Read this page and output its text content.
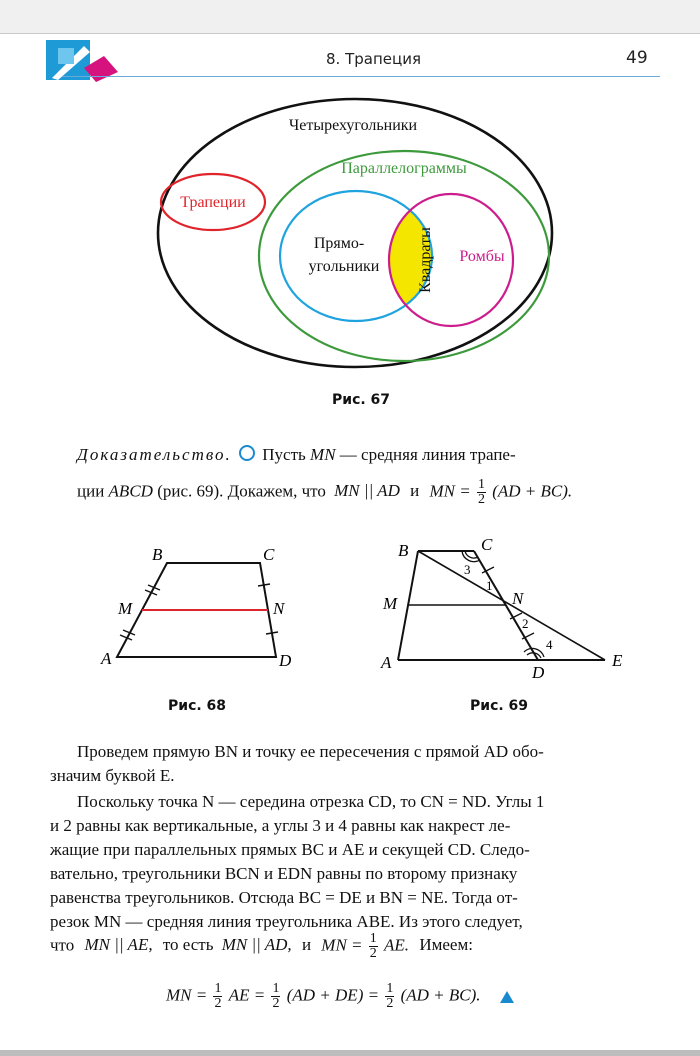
8. Трапеция	49
Четырехугольники
Трапеции
Параллелограммы
Прямо-
угольники Квадраты Ромбы
Рис. 67
Доказательство. Пусть MN — средняя линия трапе-
ции ABCD (рис. 69). Докажем, что MN || AD и MN = $\frac{1}{2} (AD + BC)$.
B	C
M	N
A	D
Рис. 68
B	C
M	N
A
D
E
3
1
2
4
Рис. 69
Проведем прямую BN и точку ее пересечения с прямой AD обо-
значим буквой E.
Поскольку точка N — середина отрезка CD, то CN = ND. Углы 1
и 2 равны как вертикальные, а углы 3 и 4 равны как накрест ле-
жащие при параллельных прямых BC и AE и секущей CD. Следо-
вательно, треугольники BCN и EDN равны по второму признаку
равенства треугольников. Отсюда BC = DE и BN = NE. Тогда от-
резок MN — средняя линия треугольника ABE. Из этого следует,
что MN || AE, то есть MN || AD, и MN = $\frac{1}{2}$ AE. Имеем:
MN = $\frac{1}{2}$ AE = $\frac{1}{2} (AD + DE) = \frac{1}{2} (AD + BC)$.
